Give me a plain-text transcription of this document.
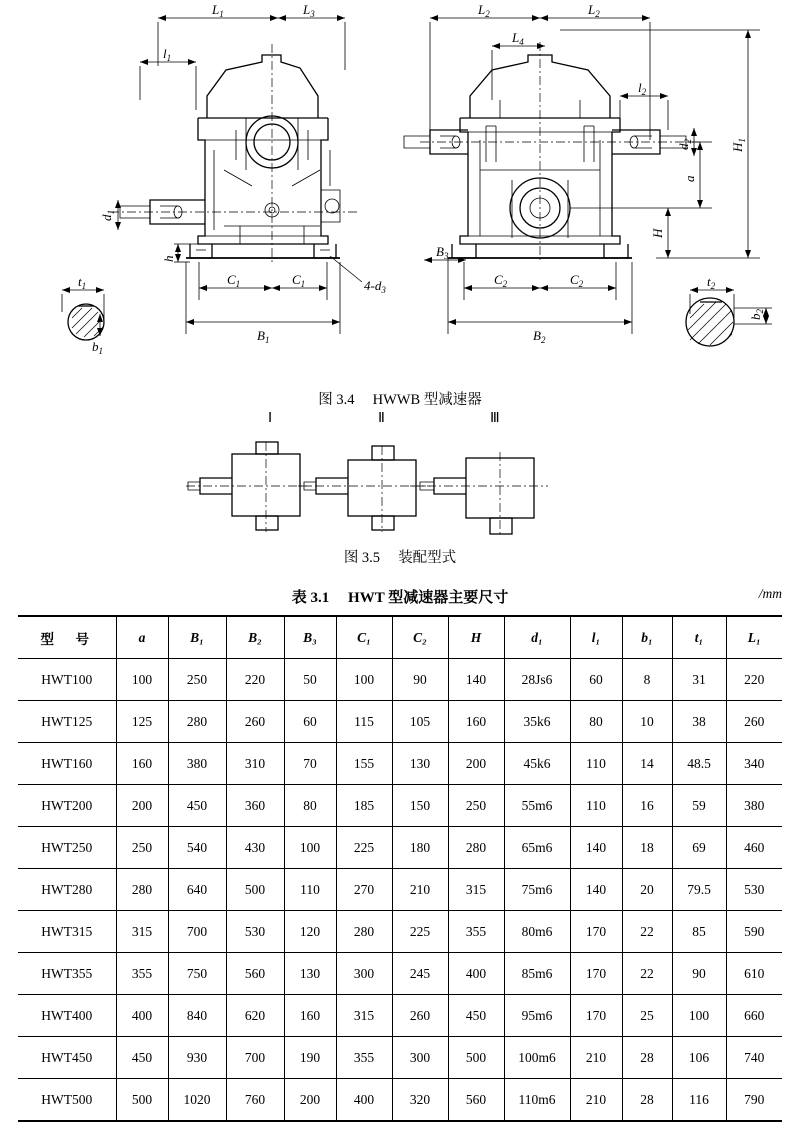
$L_1$	$L_3$
$l_1$
$d_1$
h
$C_1$	$C_1$
$B_1$
$4-d_3$
$t_1$
$b_1$
$L_2$	$L_2$
$L_4$
$l_2$
$d_2$
a
H
$H_1$
$B_3$
$C_2$	$C_2$
$B_2$
$t_2$
$b_2$
图 3.4 HWWB 型减速器
Ⅰ	Ⅱ	Ⅲ
图 3.5 装配型式
表 3.1 HWT 型减速器主要尺寸	/mm
型　号	a	B₁	B₂	B₃	C₁	C₂	H	d₁	l₁	b₁	t₁	L₁
HWT100	100	250	220	50	100	90	140	28Js6	60	8	31	220
HWT125	125	280	260	60	115	105	160	35k6	80	10	38	260
HWT160	160	380	310	70	155	130	200	45k6	110	14	48.5	340
HWT200	200	450	360	80	185	150	250	55m6	110	16	59	380
HWT250	250	540	430	100	225	180	280	65m6	140	18	69	460
HWT280	280	640	500	110	270	210	315	75m6	140	20	79.5	530
HWT315	315	700	530	120	280	225	355	80m6	170	22	85	590
HWT355	355	750	560	130	300	245	400	85m6	170	22	90	610
HWT400	400	840	620	160	315	260	450	95m6	170	25	100	660
HWT450	450	930	700	190	355	300	500	100m6	210	28	106	740
HWT500	500	1020	760	200	400	320	560	110m6	210	28	116	790
